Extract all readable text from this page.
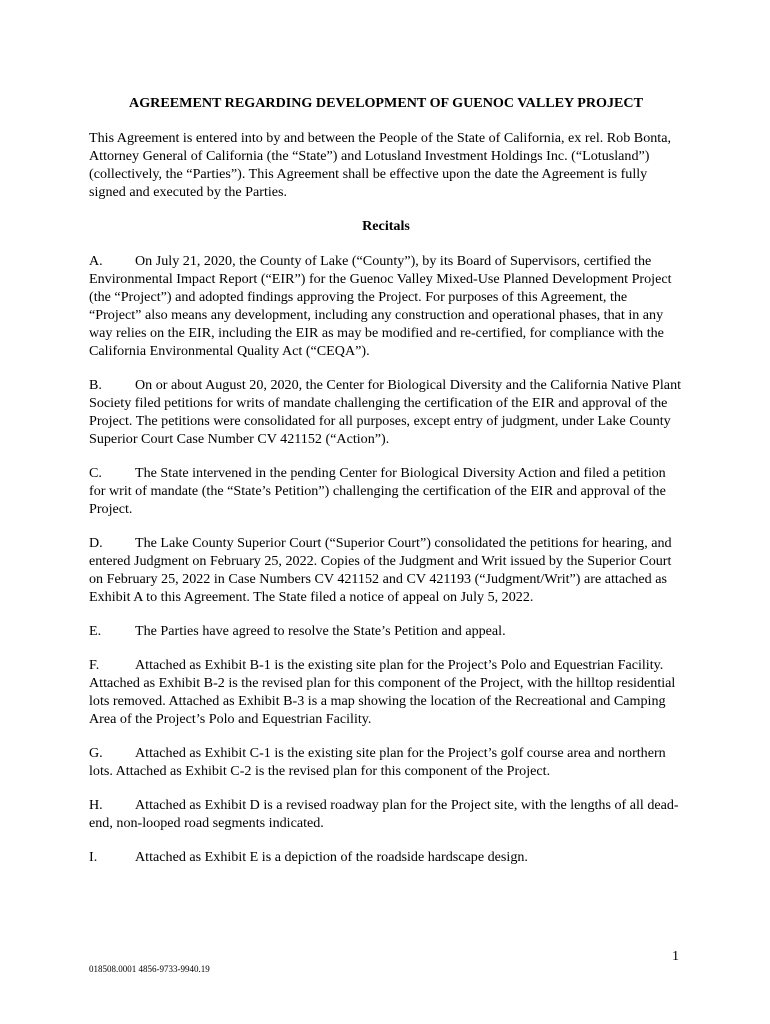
AGREEMENT REGARDING DEVELOPMENT OF GUENOC VALLEY PROJECT
This Agreement is entered into by and between the People of the State of California, ex rel. Rob Bonta, Attorney General of California (the “State”) and Lotusland Investment Holdings Inc. (“Lotusland”) (collectively, the “Parties”). This Agreement shall be effective upon the date the Agreement is fully signed and executed by the Parties.
Recitals
A. On July 21, 2020, the County of Lake (“County”), by its Board of Supervisors, certified the Environmental Impact Report (“EIR”) for the Guenoc Valley Mixed-Use Planned Development Project (the “Project”) and adopted findings approving the Project. For purposes of this Agreement, the “Project” also means any development, including any construction and operational phases, that in any way relies on the EIR, including the EIR as may be modified and re-certified, for compliance with the California Environmental Quality Act (“CEQA”).
B. On or about August 20, 2020, the Center for Biological Diversity and the California Native Plant Society filed petitions for writs of mandate challenging the certification of the EIR and approval of the Project. The petitions were consolidated for all purposes, except entry of judgment, under Lake County Superior Court Case Number CV 421152 (“Action”).
C. The State intervened in the pending Center for Biological Diversity Action and filed a petition for writ of mandate (the “State’s Petition”) challenging the certification of the EIR and approval of the Project.
D. The Lake County Superior Court (“Superior Court”) consolidated the petitions for hearing, and entered Judgment on February 25, 2022. Copies of the Judgment and Writ issued by the Superior Court on February 25, 2022 in Case Numbers CV 421152 and CV 421193 (“Judgment/Writ”) are attached as Exhibit A to this Agreement. The State filed a notice of appeal on July 5, 2022.
E. The Parties have agreed to resolve the State’s Petition and appeal.
F.	Attached as Exhibit B-1 is the existing site plan for the Project’s Polo and Equestrian Facility. Attached as Exhibit B-2 is the revised plan for this component of the Project, with the hilltop residential lots removed. Attached as Exhibit B-3 is a map showing the location of the Recreational and Camping Area of the Project’s Polo and Equestrian Facility.
G. Attached as Exhibit C-1 is the existing site plan for the Project’s golf course area and northern lots. Attached as Exhibit C-2 is the revised plan for this component of the Project.
H. Attached as Exhibit D is a revised roadway plan for the Project site, with the lengths of all dead-end, non-looped road segments indicated.
I.	Attached as Exhibit E is a depiction of the roadside hardscape design.
1
018508.0001 4856-9733-9940.19
